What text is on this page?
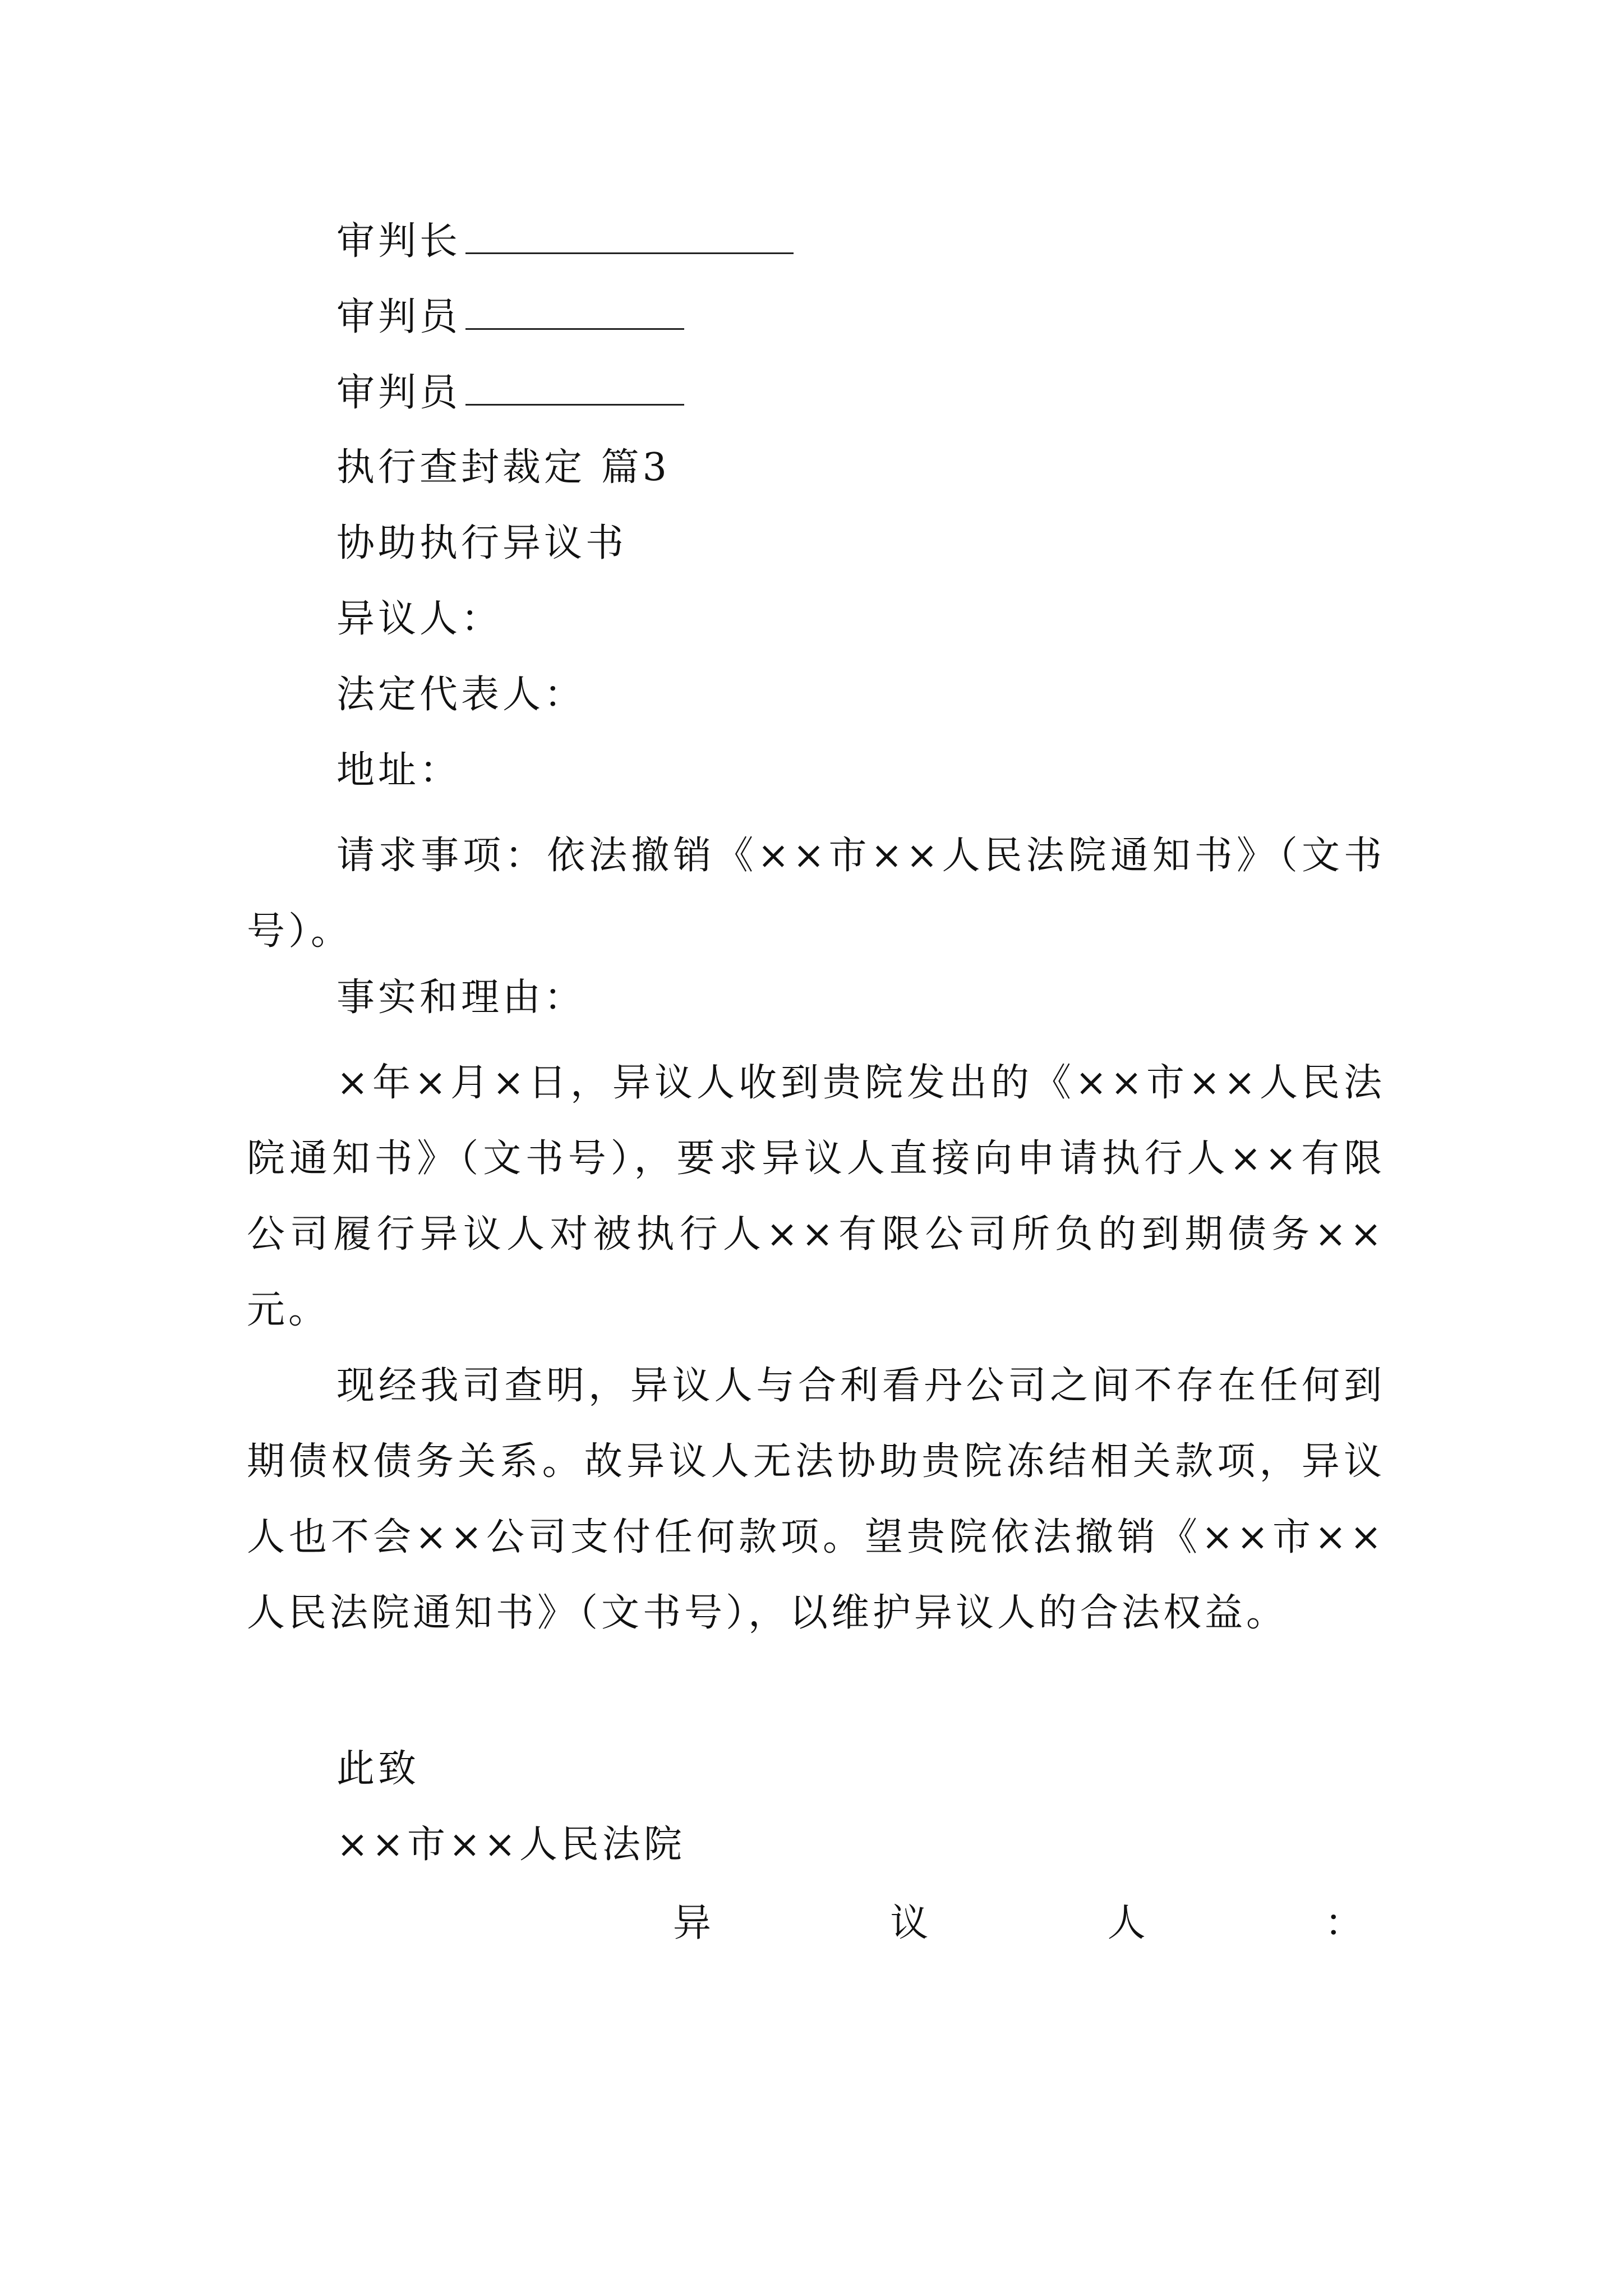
审判长
审判员
审判员
执行查封裁定 篇3
协助执行异议书
异议人：
法定代表人：
地址：
请求事项：依法撤销《××市××人民法院通知书》（文书号）。
事实和理由：
×年×月×日，异议人收到贵院发出的《××市××人民法院通知书》（文书号），要求异议人直接向申请执行人××有限公司履行异议人对被执行人××有限公司所负的到期债务××元。
现经我司查明，异议人与合利看丹公司之间不存在任何到期债权债务关系。故异议人无法协助贵院冻结相关款项，异议人也不会××公司支付任何款项。望贵院依法撤销《××市××人民法院通知书》（文书号），以维护异议人的合法权益。
此致
××市××人民法院
异	议	人	：
